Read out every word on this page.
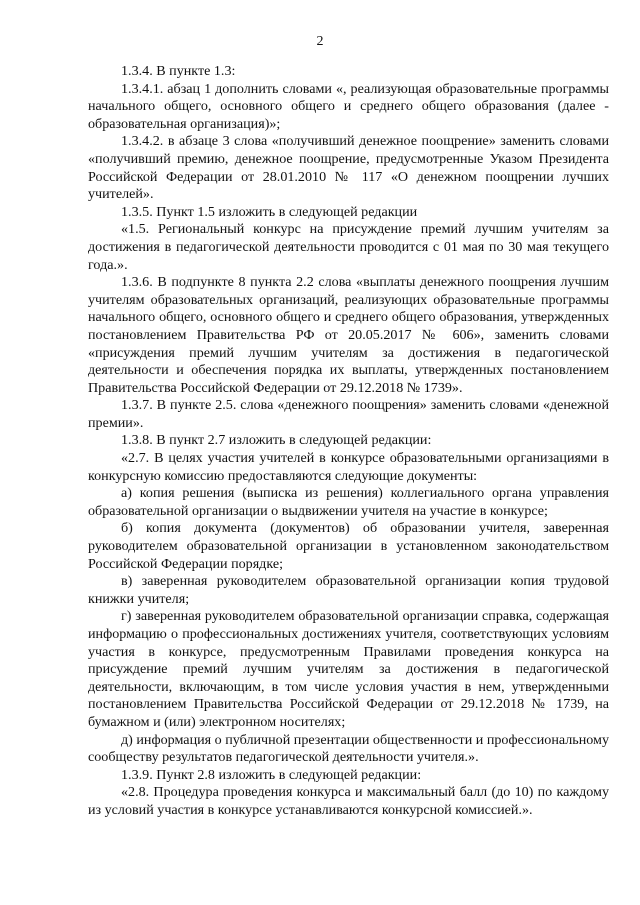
2

1.3.4. В пункте 1.3:

1.3.4.1. абзац 1 дополнить словами «, реализующая образовательные программы начального общего, основного общего и среднего общего образования (далее - образовательная организация)»;

1.3.4.2. в абзаце 3 слова «получивший денежное поощрение» заменить словами «получивший премию, денежное поощрение, предусмотренные Указом Президента Российской Федерации от 28.01.2010 № 117 «О денежном поощрении лучших учителей».

1.3.5. Пункт 1.5 изложить в следующей редакции

«1.5. Региональный конкурс на присуждение премий лучшим учителям за достижения в педагогической деятельности проводится с 01 мая по 30 мая текущего года.».

1.3.6. В подпункте 8 пункта 2.2 слова «выплаты денежного поощрения лучшим учителям образовательных организаций, реализующих образовательные программы начального общего, основного общего и среднего общего образования, утвержденных постановлением Правительства РФ от 20.05.2017 № 606», заменить словами «присуждения премий лучшим учителям за достижения в педагогической деятельности и обеспечения порядка их выплаты, утвержденных постановлением Правительства Российской Федерации от 29.12.2018 № 1739».

1.3.7. В пункте 2.5. слова «денежного поощрения» заменить словами «денежной премии».

1.3.8. В пункт 2.7 изложить в следующей редакции:

«2.7. В целях участия учителей в конкурсе образовательными организациями в конкурсную комиссию предоставляются следующие документы:

а) копия решения (выписка из решения) коллегиального органа управления образовательной организации о выдвижении учителя на участие в конкурсе;

б) копия документа (документов) об образовании учителя, заверенная руководителем образовательной организации в установленном законодательством Российской Федерации порядке;

в) заверенная руководителем образовательной организации копия трудовой книжки учителя;

г) заверенная руководителем образовательной организации справка, содержащая информацию о профессиональных достижениях учителя, соответствующих условиям участия в конкурсе, предусмотренным Правилами проведения конкурса на присуждение премий лучшим учителям за достижения в педагогической деятельности, включающим, в том числе условия участия в нем, утвержденными постановлением Правительства Российской Федерации от 29.12.2018 № 1739, на бумажном и (или) электронном носителях;

д) информация о публичной презентации общественности и профессиональному сообществу результатов педагогической деятельности учителя.».

1.3.9. Пункт 2.8 изложить в следующей редакции:

«2.8. Процедура проведения конкурса и максимальный балл (до 10) по каждому из условий участия в конкурсе устанавливаются конкурсной комиссией.».
